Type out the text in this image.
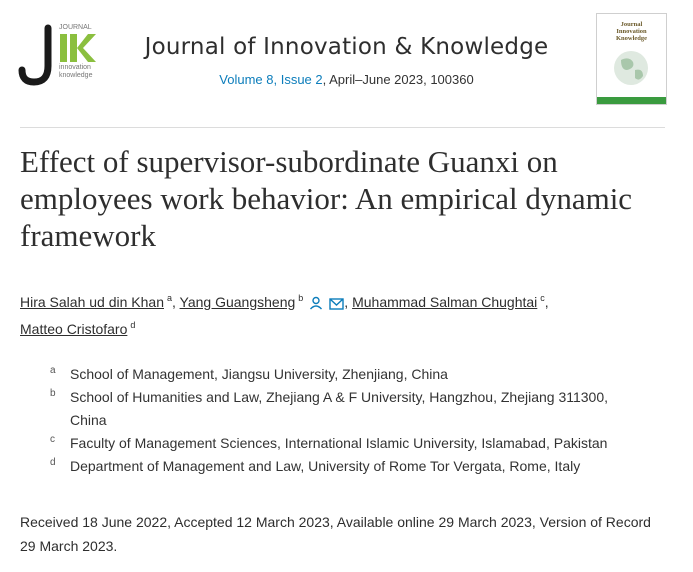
JOURNAL
innovation
knowledge
Journal of Innovation & Knowledge
Volume 8, Issue 2, April–June 2023, 100360
Journal
Innovation
Knowledge
Effect of supervisor-subordinate Guanxi on employees work behavior: An empirical dynamic framework
Hira Salah ud din Khan $^a$, Yang Guangsheng $^b$	, Muhammad Salman Chughtai $^c$,
Matteo Cristofaro $^d$
a School of Management, Jiangsu University, Zhenjiang, China
b School of Humanities and Law, Zhejiang A & F University, Hangzhou, Zhejiang 311300, China
c Faculty of Management Sciences, International Islamic University, Islamabad, Pakistan
d Department of Management and Law, University of Rome Tor Vergata, Rome, Italy
Received 18 June 2022, Accepted 12 March 2023, Available online 29 March 2023, Version of Record 29 March 2023.
